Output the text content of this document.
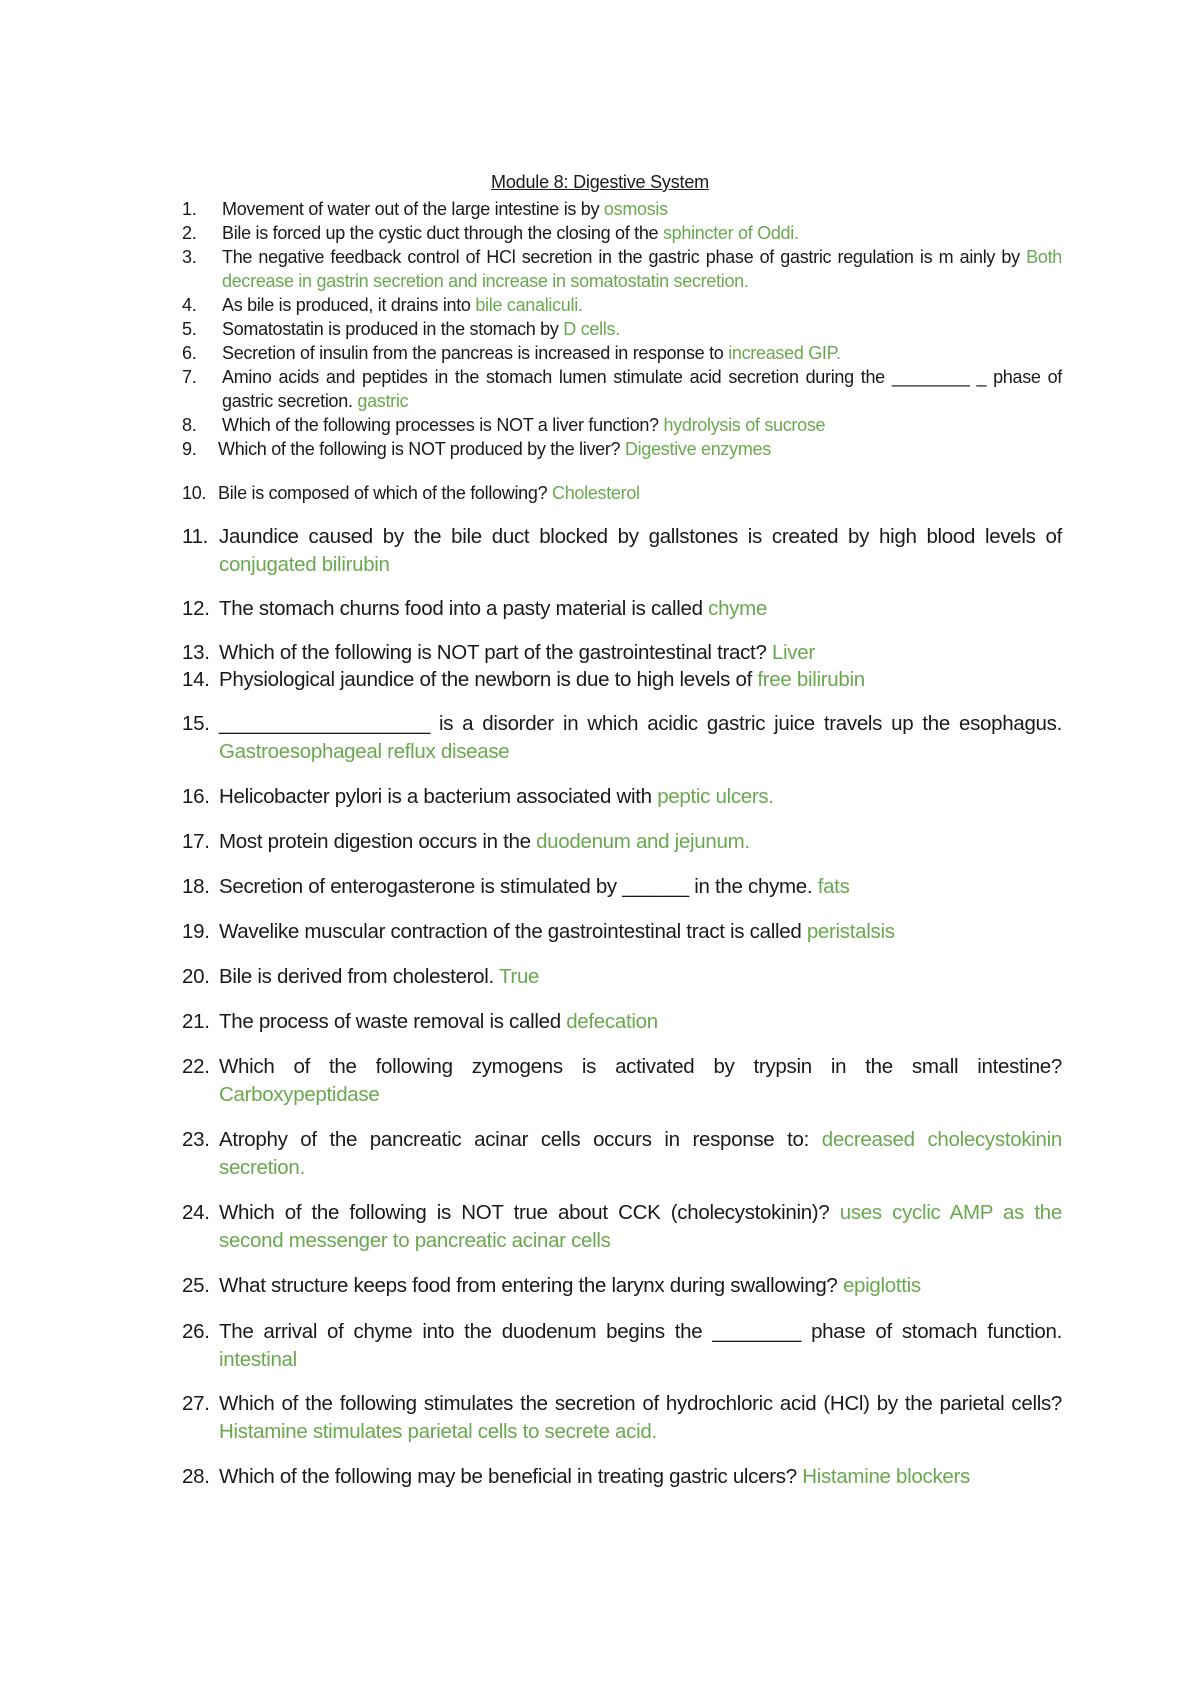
Module 8: Digestive System
1. Movement of water out of the large intestine is by osmosis
2. Bile is forced up the cystic duct through the closing of the sphincter of Oddi.
3. The negative feedback control of HCl secretion in the gastric phase of gastric regulation is m ainly by Both decrease in gastrin secretion and increase in somatostatin secretion.
4. As bile is produced, it drains into bile canaliculi.
5. Somatostatin is produced in the stomach by D cells.
6. Secretion of insulin from the pancreas is increased in response to increased GIP.
7. Amino acids and peptides in the stomach lumen stimulate acid secretion during the ________ _ phase of gastric secretion. gastric
8. Which of the following processes is NOT a liver function? hydrolysis of sucrose
9. Which of the following is NOT produced by the liver? Digestive enzymes
10. Bile is composed of which of the following? Cholesterol
11. Jaundice caused by the bile duct blocked by gallstones is created by high blood levels of conjugated bilirubin
12. The stomach churns food into a pasty material is called chyme
13. Which of the following is NOT part of the gastrointestinal tract? Liver
14. Physiological jaundice of the newborn is due to high levels of free bilirubin
15. ___________________ is a disorder in which acidic gastric juice travels up the esophagus. Gastroesophageal reflux disease
16. Helicobacter pylori is a bacterium associated with peptic ulcers.
17. Most protein digestion occurs in the duodenum and jejunum.
18. Secretion of enterogasterone is stimulated by ______ in the chyme. fats
19. Wavelike muscular contraction of the gastrointestinal tract is called peristalsis
20. Bile is derived from cholesterol. True
21. The process of waste removal is called defecation
22. Which of the following zymogens is activated by trypsin in the small intestine? Carboxypeptidase
23. Atrophy of the pancreatic acinar cells occurs in response to: decreased cholecystokinin secretion.
24. Which of the following is NOT true about CCK (cholecystokinin)? uses cyclic AMP as the second messenger to pancreatic acinar cells
25. What structure keeps food from entering the larynx during swallowing? epiglottis
26. The arrival of chyme into the duodenum begins the ________ phase of stomach function. intestinal
27. Which of the following stimulates the secretion of hydrochloric acid (HCl) by the parietal cells? Histamine stimulates parietal cells to secrete acid.
28. Which of the following may be beneficial in treating gastric ulcers? Histamine blockers
